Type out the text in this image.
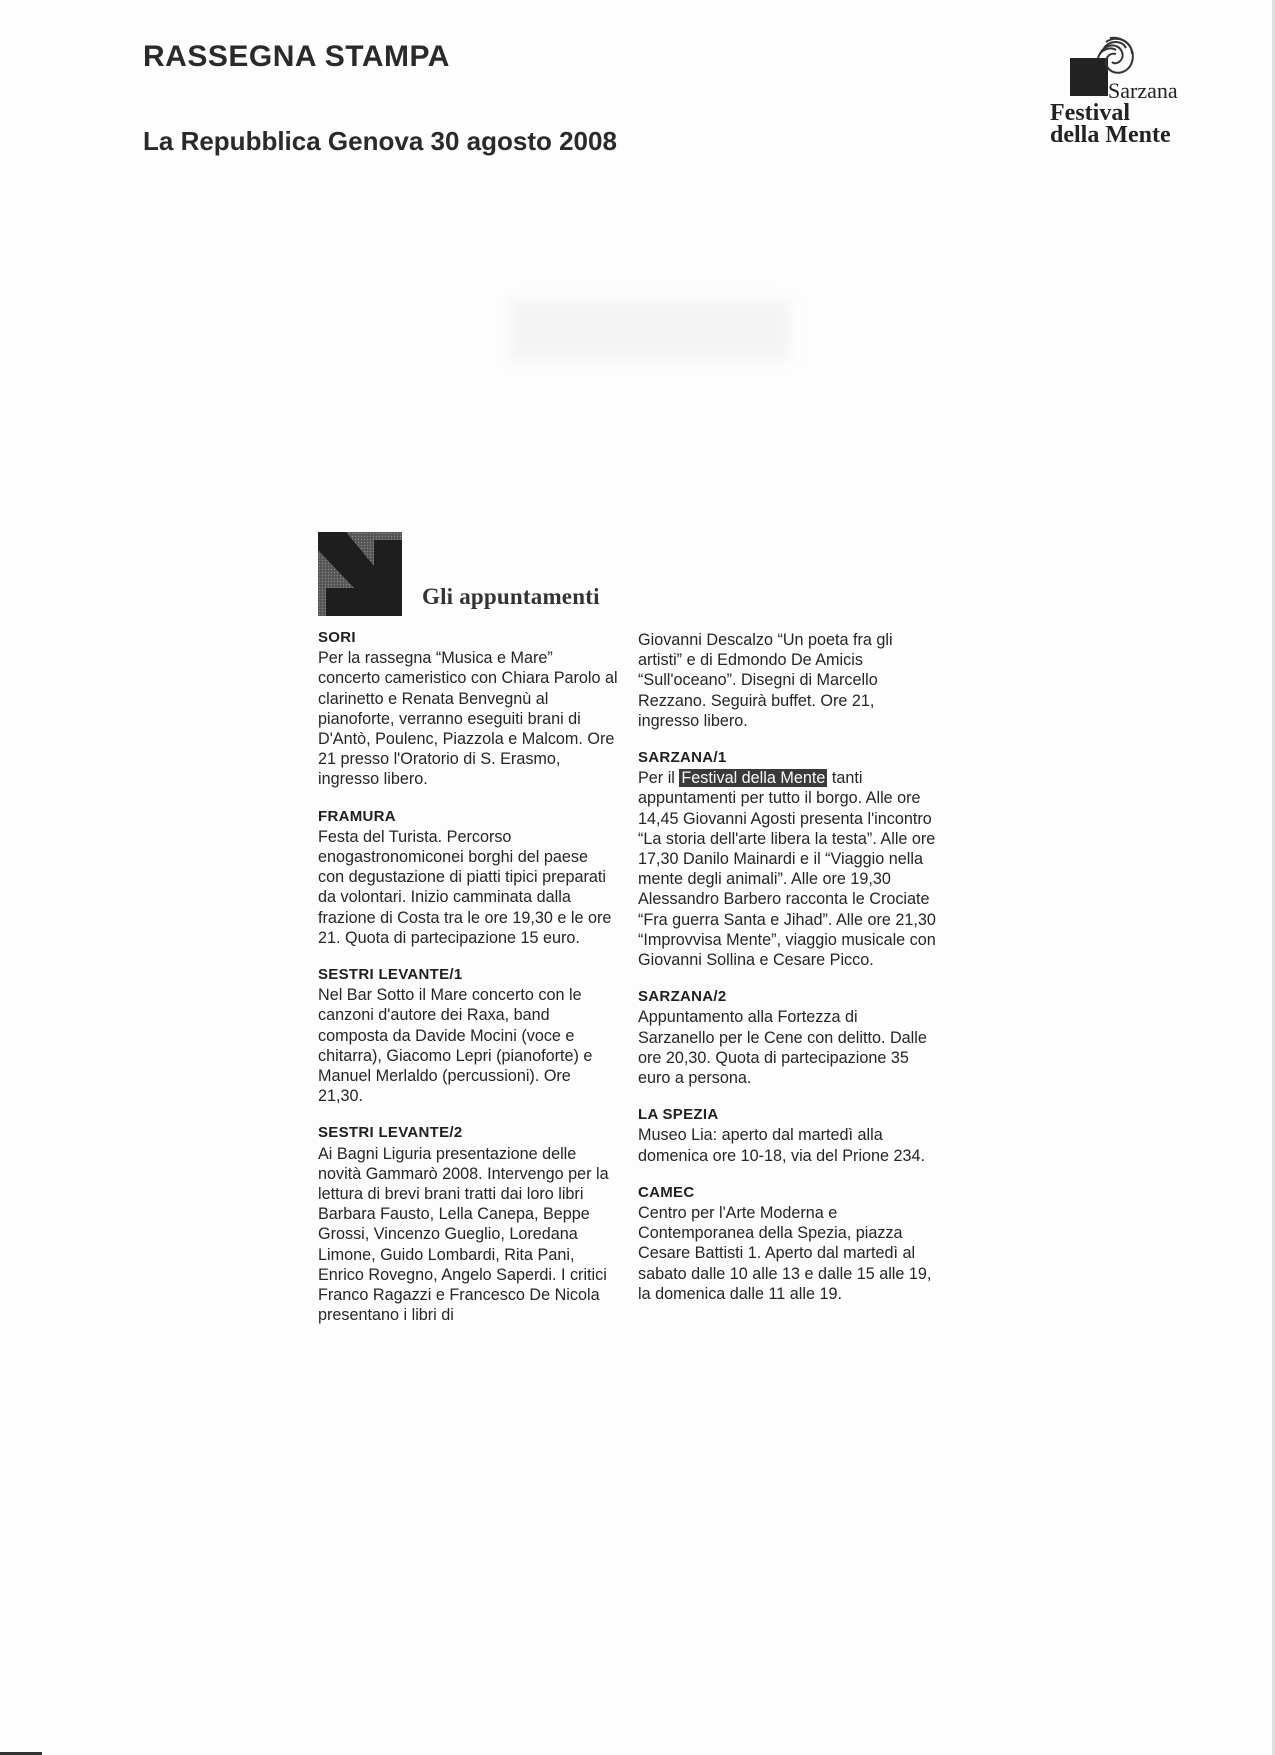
RASSEGNA STAMPA
La Repubblica Genova 30 agosto 2008
Sarzana
Festival
della Mente
Gli appuntamenti
SORI
Per la rassegna “Musica e Mare” concerto cameristico con Chiara Parolo al clarinetto e Renata Benvegnù al pianoforte, verranno eseguiti brani di D'Antò, Poulenc, Piazzola e Malcom. Ore 21 presso l'Oratorio di S. Erasmo, ingresso libero.
FRAMURA
Festa del Turista. Percorso enogastronomiconei borghi del paese con degustazione di piatti tipici preparati da volontari. Inizio camminata dalla frazione di Costa tra le ore 19,30 e le ore 21. Quota di partecipazione 15 euro.
SESTRI LEVANTE/1
Nel Bar Sotto il Mare concerto con le canzoni d'autore dei Raxa, band composta da Davide Mocini (voce e chitarra), Giacomo Lepri (pianoforte) e Manuel Merlaldo (percussioni). Ore 21,30.
SESTRI LEVANTE/2
Ai Bagni Liguria presentazione delle novità Gammarò 2008. Intervengo per la lettura di brevi brani tratti dai loro libri Barbara Fausto, Lella Canepa, Beppe Grossi, Vincenzo Gueglio, Loredana Limone, Guido Lombardi, Rita Pani, Enrico Rovegno, Angelo Saperdi. I critici Franco Ragazzi e Francesco De Nicola presentano i libri di
Giovanni Descalzo “Un poeta fra gli artisti” e di Edmondo De Amicis “Sull'oceano”. Disegni di Marcello Rezzano. Seguirà buffet. Ore 21, ingresso libero.
SARZANA/1
Per il Festival della Mente tanti appuntamenti per tutto il borgo. Alle ore 14,45 Giovanni Agosti presenta l'incontro “La storia dell'arte libera la testa”. Alle ore 17,30 Danilo Mainardi e il “Viaggio nella mente degli animali”. Alle ore 19,30 Alessandro Barbero racconta le Crociate “Fra guerra Santa e Jihad”. Alle ore 21,30 “Improvvisa Mente”, viaggio musicale con Giovanni Sollina e Cesare Picco.
SARZANA/2
Appuntamento alla Fortezza di Sarzanello per le Cene con delitto. Dalle ore 20,30. Quota di partecipazione 35 euro a persona.
LA SPEZIA
Museo Lia: aperto dal martedì alla domenica ore 10-18, via del Prione 234.
CAMEC
Centro per l'Arte Moderna e Contemporanea della Spezia, piazza Cesare Battisti 1. Aperto dal martedì al sabato dalle 10 alle 13 e dalle 15 alle 19, la domenica dalle 11 alle 19.
